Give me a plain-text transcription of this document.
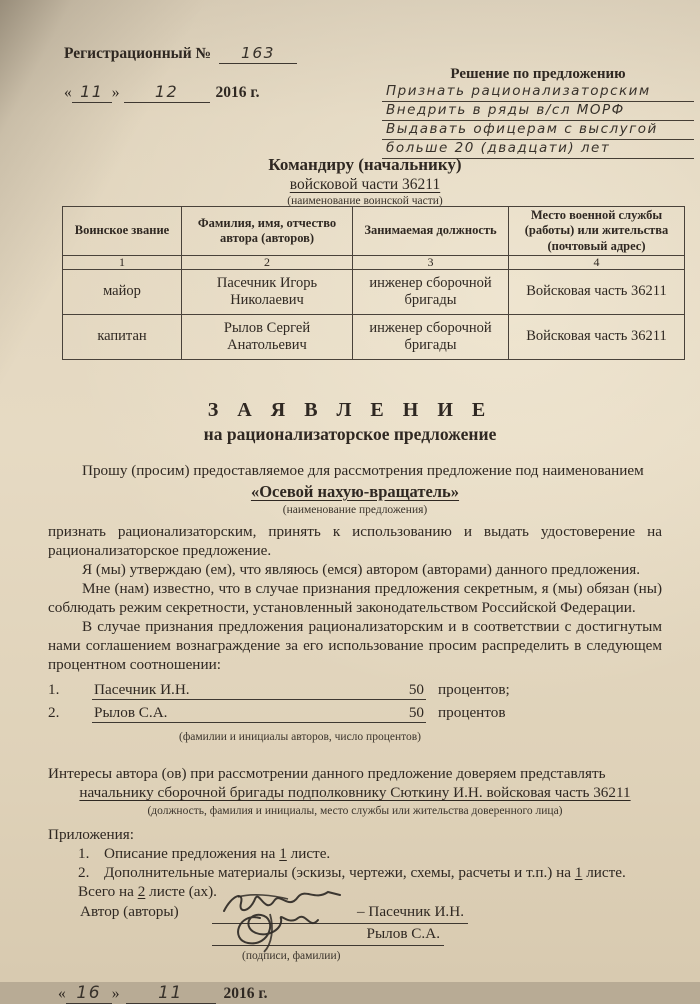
Регистрационный № 163
« 11 » 12 2016 г.
Решение по предложению
Признать рационализаторским
Внедрить в ряды в/сл МОРФ
Выдавать офицерам с выслугой
больше 20 (двадцати) лет
Командиру (начальнику)
войсковой части 36211
(наименование воинской части)
Воинское звание	Фамилия, имя, отчество автора (авторов)	Занимаемая должность	Место военной службы (работы) или жительства (почтовый адрес)
1	2	3	4
майор	Пасечник Игорь Николаевич	инженер сборочной бригады	Войсковая часть 36211
капитан	Рылов Сергей Анатольевич	инженер сборочной бригады	Войсковая часть 36211
З А Я В Л Е Н И Е
на рационализаторское предложение

Прошу (просим) предоставляемое для рассмотрения предложение под наименованием

«Осевой нахую-вращатель»
(наименование предложения)

признать рационализаторским, принять к использованию и выдать удостоверение на рационализаторское предложение.

Я (мы) утверждаю (ем), что являюсь (емся) автором (авторами) данного предложения.

Мне (нам) известно, что в случае признания предложения секретным, я (мы) обязан (ны) соблюдать режим секретности, установленный законодательством Российской Федерации.

В случае признания предложения рационализаторским и в соответствии с достигнутым нами соглашением вознаграждение за его использование просим распределить в следующем процентном соотношении:

1.	Пасечник И.Н.	50 процентов;
2.	Рылов С.А.	50 процентов
(фамилии и инициалы авторов, число процентов)

Интересы автора (ов) при рассмотрении данного предложение доверяем представлять

начальнику сборочной бригады подполковнику Сюткину И.Н. войсковая часть 36211
(должность, фамилия и инициалы, место службы или жительства доверенного лица)
Приложения:
1. Описание предложения на 1 листе.
2. Дополнительные материалы (эскизы, чертежи, схемы, расчеты и т.п.) на 1 листе.
Всего на 2 листе (ах).
Автор (авторы)	– Пасечник И.Н.
Рылов С.А.
(подписи, фамилии)
« 16 » 11	2016 г.
